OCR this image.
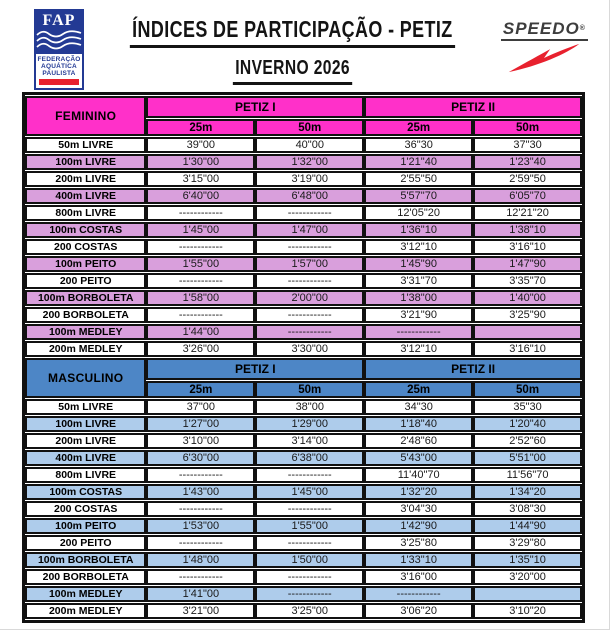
FAP
FEDERAÇÃO
AQUÁTICA
PAULISTA
ÍNDICES DE PARTICIPAÇÃO - PETIZ
INVERNO 2026
SPEEDO®
FEMININO	PETIZ I		PETIZ II	
	25m	50m	25m	50m
50m LIVRE	39"00	40"00	36"30	37"30
100m LIVRE	1'30"00	1'32"00	1'21"40	1'23"40
200m LIVRE	3'15"00	3'19"00	2'55"50	2'59"50
400m LIVRE	6'40"00	6'48"00	5'57"70	6'05"70
800m LIVRE	------------	------------	12'05"20	12'21"20
100m COSTAS	1'45"00	1'47"00	1'36"10	1'38"10
200 COSTAS	------------	------------	3'12"10	3'16"10
100m PEITO	1'55"00	1'57"00	1'45"90	1'47"90
200 PEITO	------------	------------	3'31"70	3'35"70
100m BORBOLETA	1'58"00	2'00"00	1'38"00	1'40"00
200 BORBOLETA	------------	------------	3'21"90	3'25"90
100m MEDLEY	1'44"00	------------	------------	
200m MEDLEY	3'26"00	3'30"00	3'12"10	3'16"10
MASCULINO	PETIZ I		PETIZ II	
	25m	50m	25m	50m
50m LIVRE	37"00	38"00	34"30	35"30
100m LIVRE	1'27"00	1'29"00	1'18"40	1'20"40
200m LIVRE	3'10"00	3'14"00	2'48"60	2'52"60
400m LIVRE	6'30"00	6'38"00	5'43"00	5'51"00
800m LIVRE	------------	------------	11'40"70	11'56"70
100m COSTAS	1'43"00	1'45"00	1'32"20	1'34"20
200 COSTAS	------------	------------	3'04"30	3'08"30
100m PEITO	1'53"00	1'55"00	1'42"90	1'44"90
200 PEITO	------------	------------	3'25"80	3'29"80
100m BORBOLETA	1'48"00	1'50"00	1'33"10	1'35"10
200 BORBOLETA	------------	------------	3'16"00	3'20"00
100m MEDLEY	1'41"00	------------	------------	
200m MEDLEY	3'21"00	3'25"00	3'06"20	3'10"20
